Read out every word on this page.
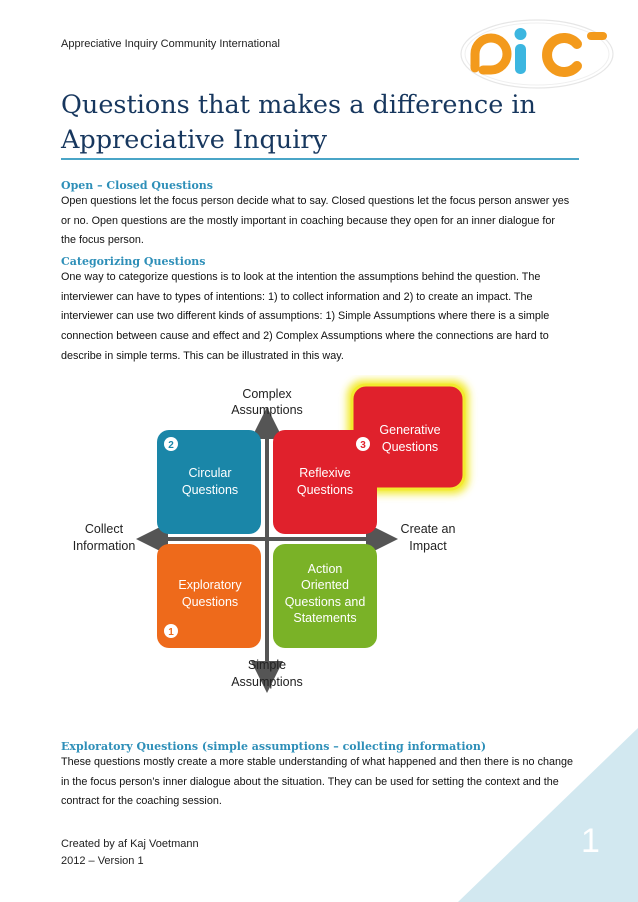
Appreciative Inquiry Community International
Questions that makes a difference in
Appreciative Inquiry
Open – Closed Questions
Open questions let the focus person decide what to say. Closed questions let the focus person answer yes
or no. Open questions are the mostly important in coaching because they open for an inner dialogue for
the focus person.
Categorizing Questions
One way to categorize questions is to look at the intention the assumptions behind the question. The
interviewer can have to types of intentions: 1) to collect information and 2) to create an impact. The
interviewer can use two different kinds of assumptions: 1) Simple Assumptions where there is a simple
connection between cause and effect and 2) Complex Assumptions where the connections are hard to
describe in simple terms. This can be illustrated in this way.
Generative
Questions
Circular
Questions
2
Reflexive
Questions
3
Exploratory
Questions
1
Action
Oriented
Questions and
Statements
Complex
Assumptions
Simple
Assumptions
Collect
Information
Create an
Impact
Exploratory Questions (simple assumptions – collecting information)
These questions mostly create a more stable understanding of what happened and then there is no change
in the focus person’s inner dialogue about the situation. They can be used for setting the context and the
contract for the coaching session.
Created by af Kaj Voetmann
2012 – Version 1
1
